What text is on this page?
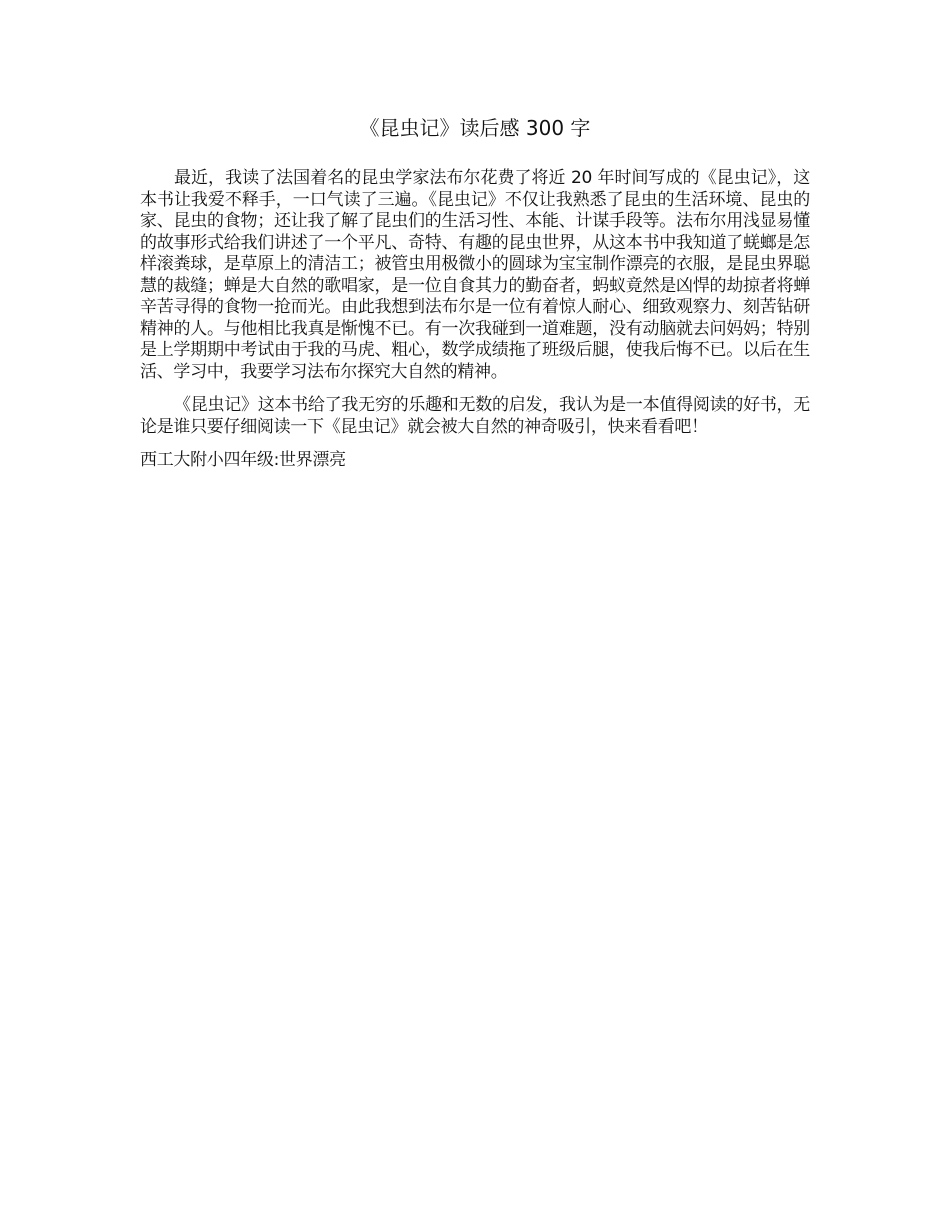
《昆虫记》读后感 300 字

最近，我读了法国着名的昆虫学家法布尔花费了将近 20 年时间写成的《昆虫记》，这本书让我爱不释手，一口气读了三遍。《昆虫记》不仅让我熟悉了昆虫的生活环境、昆虫的家、昆虫的食物；还让我了解了昆虫们的生活习性、本能、计谋手段等。法布尔用浅显易懂的故事形式给我们讲述了一个平凡、奇特、有趣的昆虫世界，从这本书中我知道了蜣螂是怎样滚粪球，是草原上的清洁工；被管虫用极微小的圆球为宝宝制作漂亮的衣服，是昆虫界聪慧的裁缝；蝉是大自然的歌唱家，是一位自食其力的勤奋者，蚂蚁竟然是凶悍的劫掠者将蝉辛苦寻得的食物一抢而光。由此我想到法布尔是一位有着惊人耐心、细致观察力、刻苦钻研精神的人。与他相比我真是惭愧不已。有一次我碰到一道难题，没有动脑就去问妈妈；特别是上学期期中考试由于我的马虎、粗心，数学成绩拖了班级后腿，使我后悔不已。以后在生活、学习中，我要学习法布尔探究大自然的精神。

《昆虫记》这本书给了我无穷的乐趣和无数的启发，我认为是一本值得阅读的好书，无论是谁只要仔细阅读一下《昆虫记》就会被大自然的神奇吸引，快来看看吧！

西工大附小四年级:世界漂亮
